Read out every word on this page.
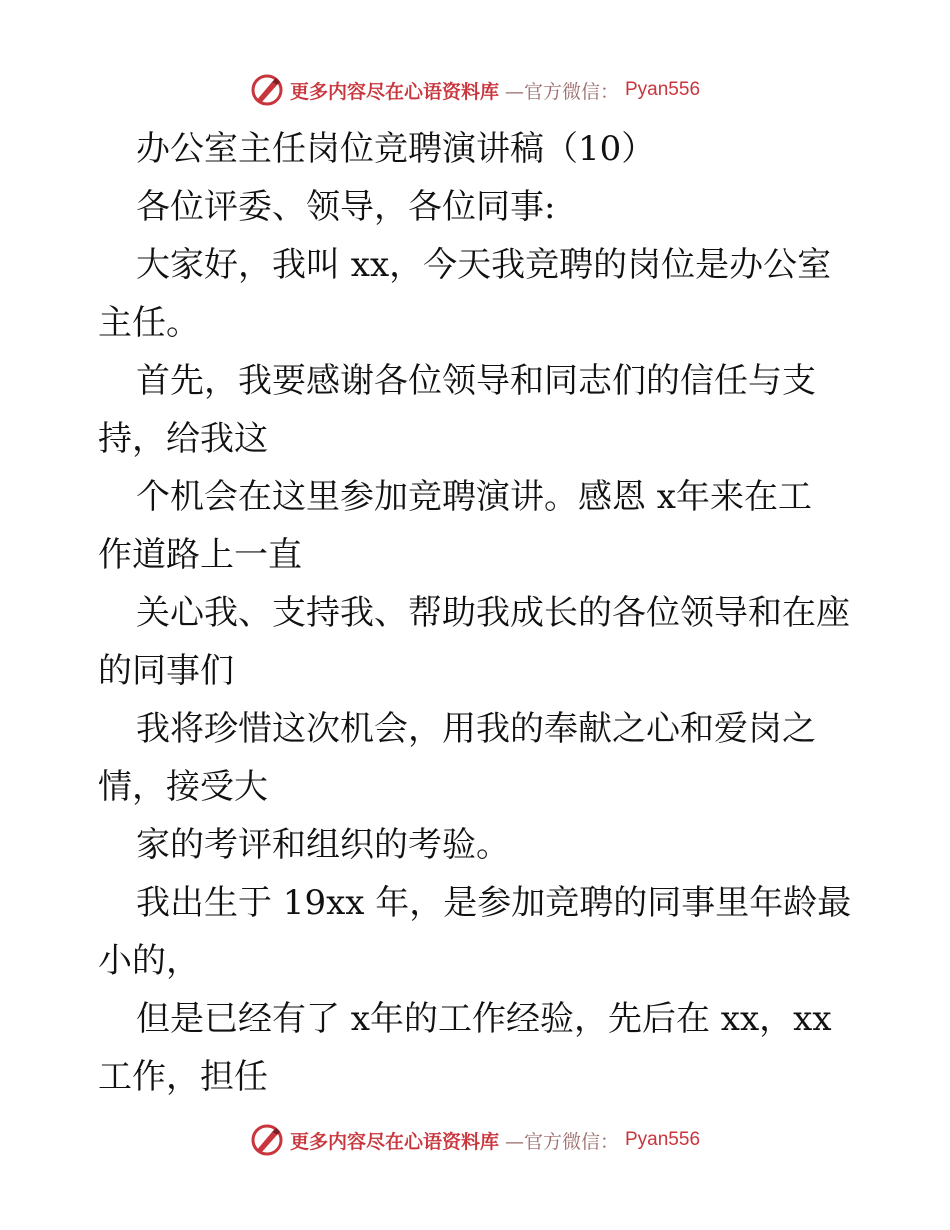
更多内容尽在心语资料库 —官方微信： Pyan556
办公室主任岗位竞聘演讲稿（10）
各位评委、领导，各位同事:
大家好，我叫 xx，今天我竞聘的岗位是办公室
主任。
首先，我要感谢各位领导和同志们的信任与支
持，给我这
个机会在这里参加竞聘演讲。感恩 x年来在工
作道路上一直
关心我、支持我、帮助我成长的各位领导和在座
的同事们
我将珍惜这次机会，用我的奉献之心和爱岗之
情，接受大
家的考评和组织的考验。
我出生于 19xx 年，是参加竞聘的同事里年龄最
小的，
但是已经有了 x年的工作经验，先后在 xx，xx
工作，担任
更多内容尽在心语资料库 —官方微信： Pyan556
